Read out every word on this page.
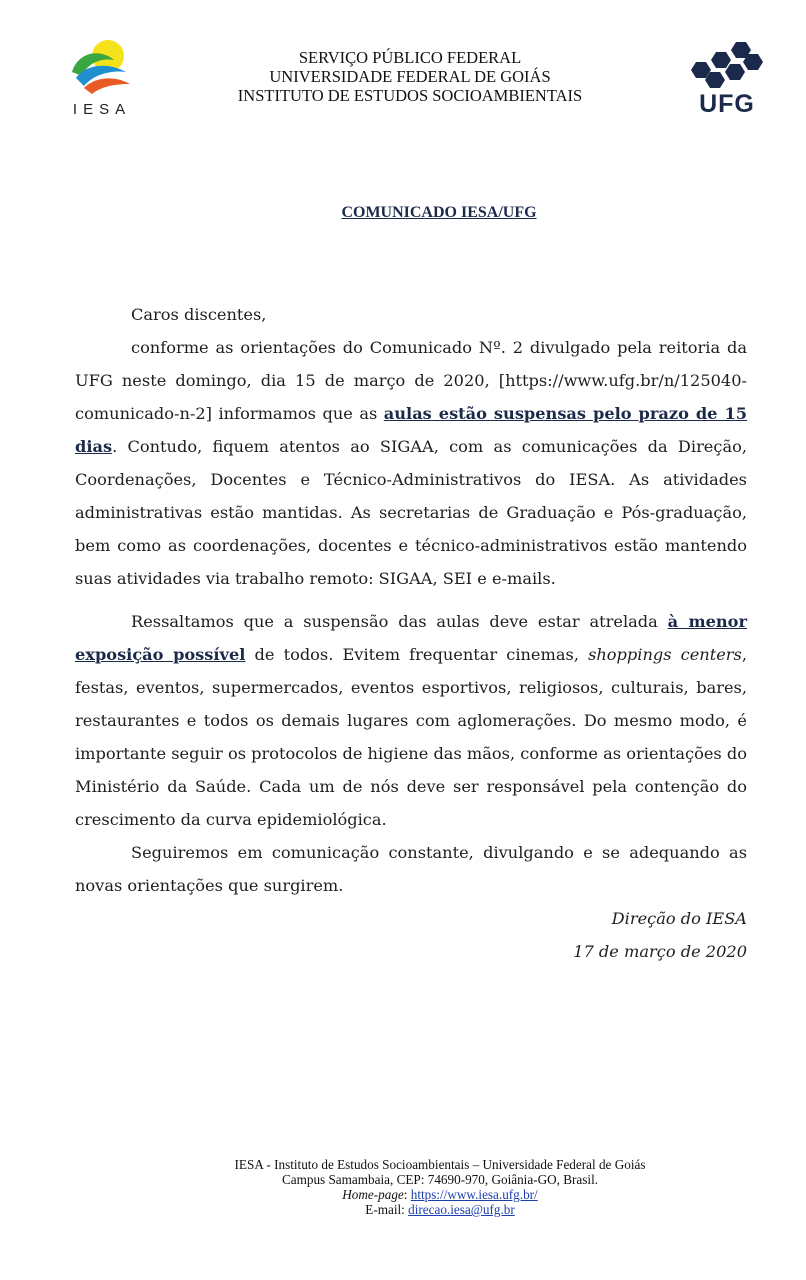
IESA
SERVIÇO PÚBLICO FEDERAL
UNIVERSIDADE FEDERAL DE GOIÁS
INSTITUTO DE ESTUDOS SOCIOAMBIENTAIS	UFG
COMUNICADO IESA/UFG

Caros discentes,

conforme as orientações do Comunicado Nº. 2 divulgado pela reitoria da UFG neste domingo, dia 15 de março de 2020, [https://www.ufg.br/n/125040-comunicado-n-2] informamos que as aulas estão suspensas pelo prazo de 15 dias. Contudo, fiquem atentos ao SIGAA, com as comunicações da Direção, Coordenações, Docentes e Técnico-Administrativos do IESA. As atividades administrativas estão mantidas. As secretarias de Graduação e Pós-graduação, bem como as coordenações, docentes e técnico-administrativos estão mantendo suas atividades via trabalho remoto: SIGAA, SEI e e-mails.

Ressaltamos que a suspensão das aulas deve estar atrelada à menor exposição possível de todos. Evitem frequentar cinemas, shoppings centers, festas, eventos, supermercados, eventos esportivos, religiosos, culturais, bares, restaurantes e todos os demais lugares com aglomerações. Do mesmo modo, é importante seguir os protocolos de higiene das mãos, conforme as orientações do Ministério da Saúde. Cada um de nós deve ser responsável pela contenção do crescimento da curva epidemiológica.

Seguiremos em comunicação constante, divulgando e se adequando as novas orientações que surgirem.

Direção do IESA

17 de março de 2020

IESA - Instituto de Estudos Socioambientais – Universidade Federal de Goiás
Campus Samambaia, CEP: 74690-970, Goiânia-GO, Brasil.
Home-page: https://www.iesa.ufg.br/
E-mail: direcao.iesa@ufg.br
